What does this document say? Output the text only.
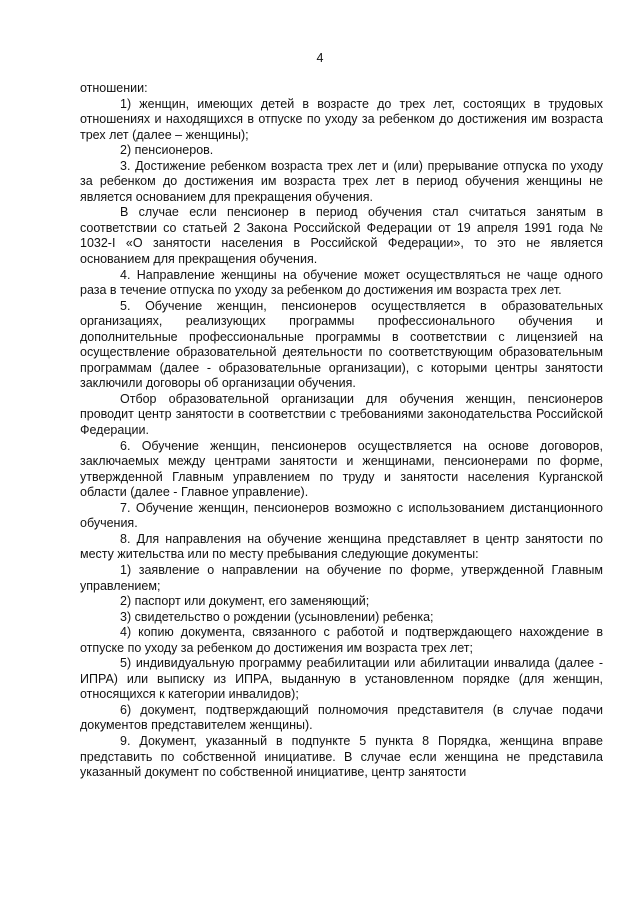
4

отношении:

1) женщин, имеющих детей в возрасте до трех лет, состоящих в трудовых отношениях и находящихся в отпуске по уходу за ребенком до достижения им возраста трех лет (далее – женщины);

2) пенсионеров.

3. Достижение ребенком возраста трех лет и (или) прерывание отпуска по уходу за ребенком до достижения им возраста трех лет в период обучения женщины не является основанием для прекращения обучения.

В случае если пенсионер в период обучения стал считаться занятым в соответствии со статьей 2 Закона Российской Федерации от 19 апреля 1991 года № 1032-I «О занятости населения в Российской Федерации», то это не является основанием для прекращения обучения.

4. Направление женщины на обучение может осуществляться не чаще одного раза в течение отпуска по уходу за ребенком до достижения им возраста трех лет.

5. Обучение женщин, пенсионеров осуществляется в образовательных организациях, реализующих программы профессионального обучения и дополнительные профессиональные программы в соответствии с лицензией на осуществление образовательной деятельности по соответствующим образовательным программам (далее - образовательные организации), с которыми центры занятости заключили договоры об организации обучения.

Отбор образовательной организации для обучения женщин, пенсионеров проводит центр занятости в соответствии с требованиями законодательства Российской Федерации.

6. Обучение женщин, пенсионеров осуществляется на основе договоров, заключаемых между центрами занятости и женщинами, пенсионерами по форме, утвержденной Главным управлением по труду и занятости населения Курганской области (далее - Главное управление).

7. Обучение женщин, пенсионеров возможно с использованием дистанционного обучения.

8. Для направления на обучение женщина представляет в центр занятости по месту жительства или по месту пребывания следующие документы:

1) заявление о направлении на обучение по форме, утвержденной Главным управлением;

2) паспорт или документ, его заменяющий;

3) свидетельство о рождении (усыновлении) ребенка;

4) копию документа, связанного с работой и подтверждающего нахождение в отпуске по уходу за ребенком до достижения им возраста трех лет;

5) индивидуальную программу реабилитации или абилитации инвалида (далее - ИПРА) или выписку из ИПРА, выданную в установленном порядке (для женщин, относящихся к категории инвалидов);

6) документ, подтверждающий полномочия представителя (в случае подачи документов представителем женщины).

9. Документ, указанный в подпункте 5 пункта 8 Порядка, женщина вправе представить по собственной инициативе. В случае если женщина не представила указанный документ по собственной инициативе, центр занятости
